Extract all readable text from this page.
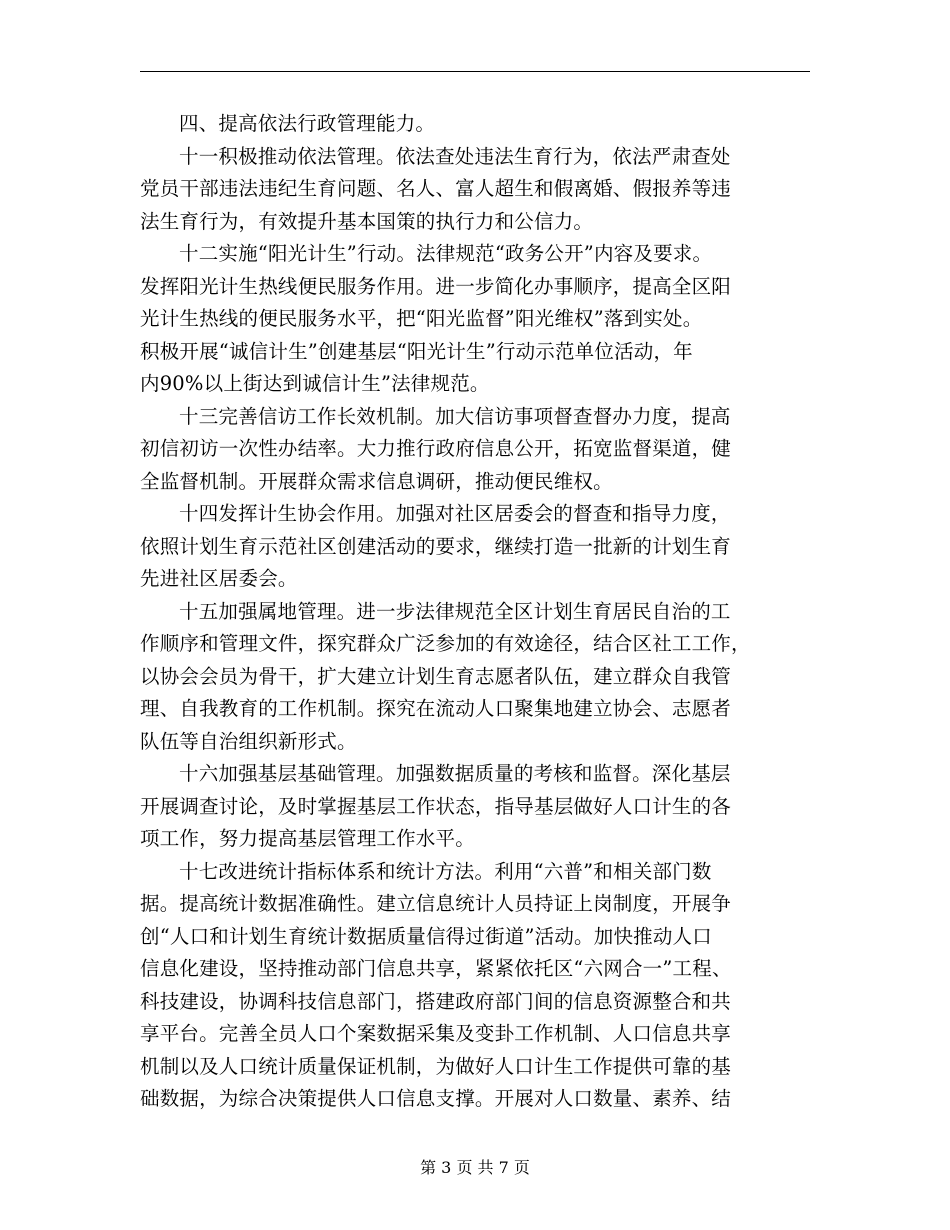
四、提高依法行政管理能力。

十一积极推动依法管理。依法查处违法生育行为，依法严肃查处
党员干部违法违纪生育问题、名人、富人超生和假离婚、假报养等违
法生育行为，有效提升基本国策的执行力和公信力。

十二实施“阳光计生”行动。法律规范“政务公开”内容及要求。
发挥阳光计生热线便民服务作用。进一步简化办事顺序，提高全区阳
光计生热线的便民服务水平，把“阳光监督”阳光维权”落到实处。
积极开展“诚信计生”创建基层“阳光计生”行动示范单位活动，年
内90%以上街达到诚信计生”法律规范。

十三完善信访工作长效机制。加大信访事项督查督办力度，提高
初信初访一次性办结率。大力推行政府信息公开，拓宽监督渠道，健
全监督机制。开展群众需求信息调研，推动便民维权。

十四发挥计生协会作用。加强对社区居委会的督查和指导力度，
依照计划生育示范社区创建活动的要求，继续打造一批新的计划生育
先进社区居委会。

十五加强属地管理。进一步法律规范全区计划生育居民自治的工
作顺序和管理文件，探究群众广泛参加的有效途径，结合区社工工作，
以协会会员为骨干，扩大建立计划生育志愿者队伍，建立群众自我管
理、自我教育的工作机制。探究在流动人口聚集地建立协会、志愿者
队伍等自治组织新形式。

十六加强基层基础管理。加强数据质量的考核和监督。深化基层
开展调查讨论，及时掌握基层工作状态，指导基层做好人口计生的各
项工作，努力提高基层管理工作水平。

十七改进统计指标体系和统计方法。利用“六普”和相关部门数
据。提高统计数据准确性。建立信息统计人员持证上岗制度，开展争
创“人口和计划生育统计数据质量信得过街道”活动。加快推动人口
信息化建设，坚持推动部门信息共享，紧紧依托区“六网合一”工程、
科技建设，协调科技信息部门，搭建政府部门间的信息资源整合和共
享平台。完善全员人口个案数据采集及变卦工作机制、人口信息共享
机制以及人口统计质量保证机制，为做好人口计生工作提供可靠的基
础数据，为综合决策提供人口信息支撑。开展对人口数量、素养、结

第 3 页 共 7 页
